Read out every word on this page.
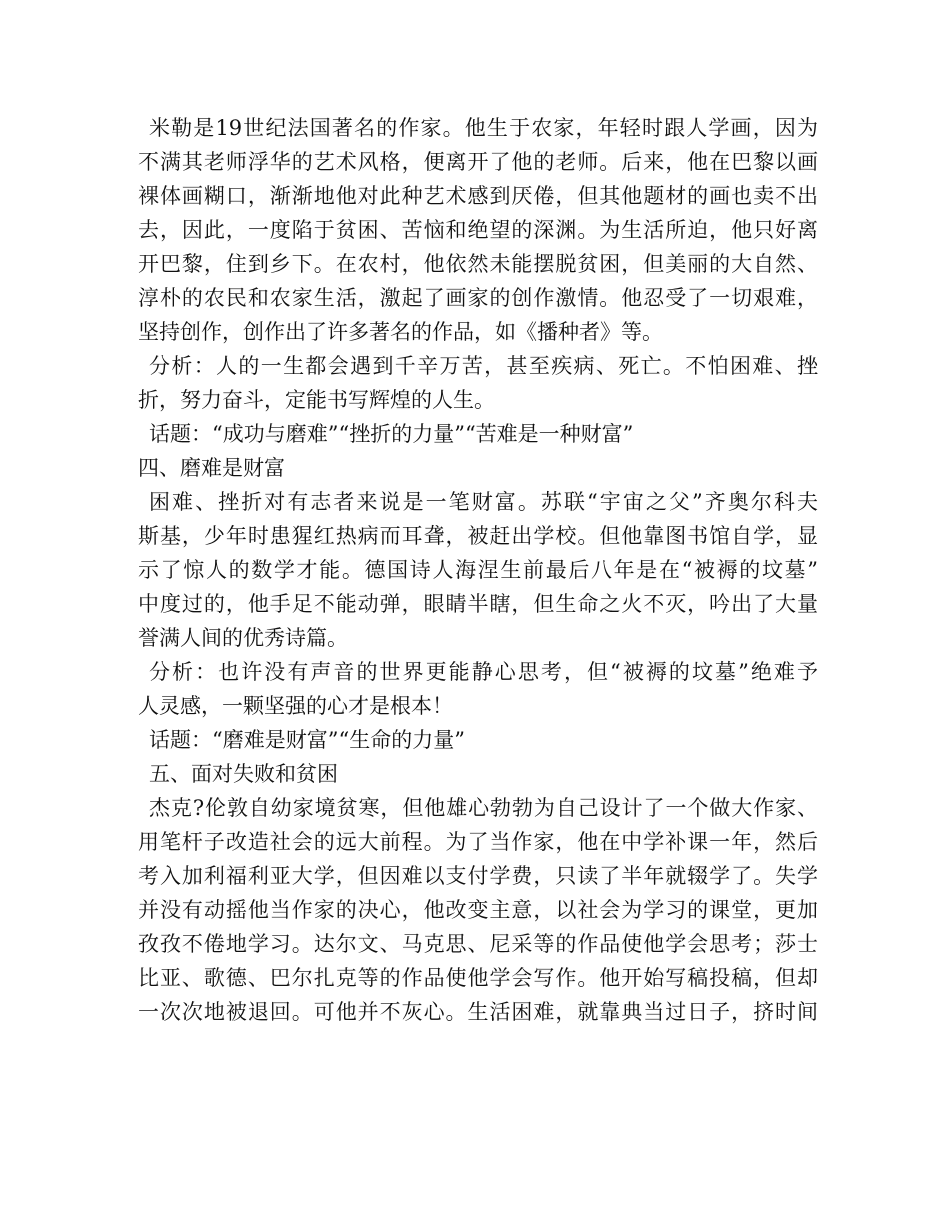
米勒是19世纪法国著名的作家。他生于农家，年轻时跟人学画，因为
不满其老师浮华的艺术风格，便离开了他的老师。后来，他在巴黎以画
裸体画糊口，渐渐地他对此种艺术感到厌倦，但其他题材的画也卖不出
去，因此，一度陷于贫困、苦恼和绝望的深渊。为生活所迫，他只好离
开巴黎，住到乡下。在农村，他依然未能摆脱贫困，但美丽的大自然、
淳朴的农民和农家生活，激起了画家的创作激情。他忍受了一切艰难，
坚持创作，创作出了许多著名的作品，如《播种者》等。
分析：人的一生都会遇到千辛万苦，甚至疾病、死亡。不怕困难、挫
折，努力奋斗，定能书写辉煌的人生。
话题：“成功与磨难”“挫折的力量”“苦难是一种财富”
四、磨难是财富
困难、挫折对有志者来说是一笔财富。苏联“宇宙之父”齐奥尔科夫
斯基，少年时患猩红热病而耳聋，被赶出学校。但他靠图书馆自学，显
示了惊人的数学才能。德国诗人海涅生前最后八年是在“被褥的坟墓”
中度过的，他手足不能动弹，眼睛半瞎，但生命之火不灭，吟出了大量
誉满人间的优秀诗篇。
分析：也许没有声音的世界更能静心思考，但“被褥的坟墓”绝难予
人灵感，一颗坚强的心才是根本！
话题：“磨难是财富”“生命的力量”
五、面对失败和贫困
杰克?伦敦自幼家境贫寒，但他雄心勃勃为自己设计了一个做大作家、
用笔杆子改造社会的远大前程。为了当作家，他在中学补课一年，然后
考入加利福利亚大学，但因难以支付学费，只读了半年就辍学了。失学
并没有动摇他当作家的决心，他改变主意，以社会为学习的课堂，更加
孜孜不倦地学习。达尔文、马克思、尼采等的作品使他学会思考；莎士
比亚、歌德、巴尔扎克等的作品使他学会写作。他开始写稿投稿，但却
一次次地被退回。可他并不灰心。生活困难，就靠典当过日子，挤时间
